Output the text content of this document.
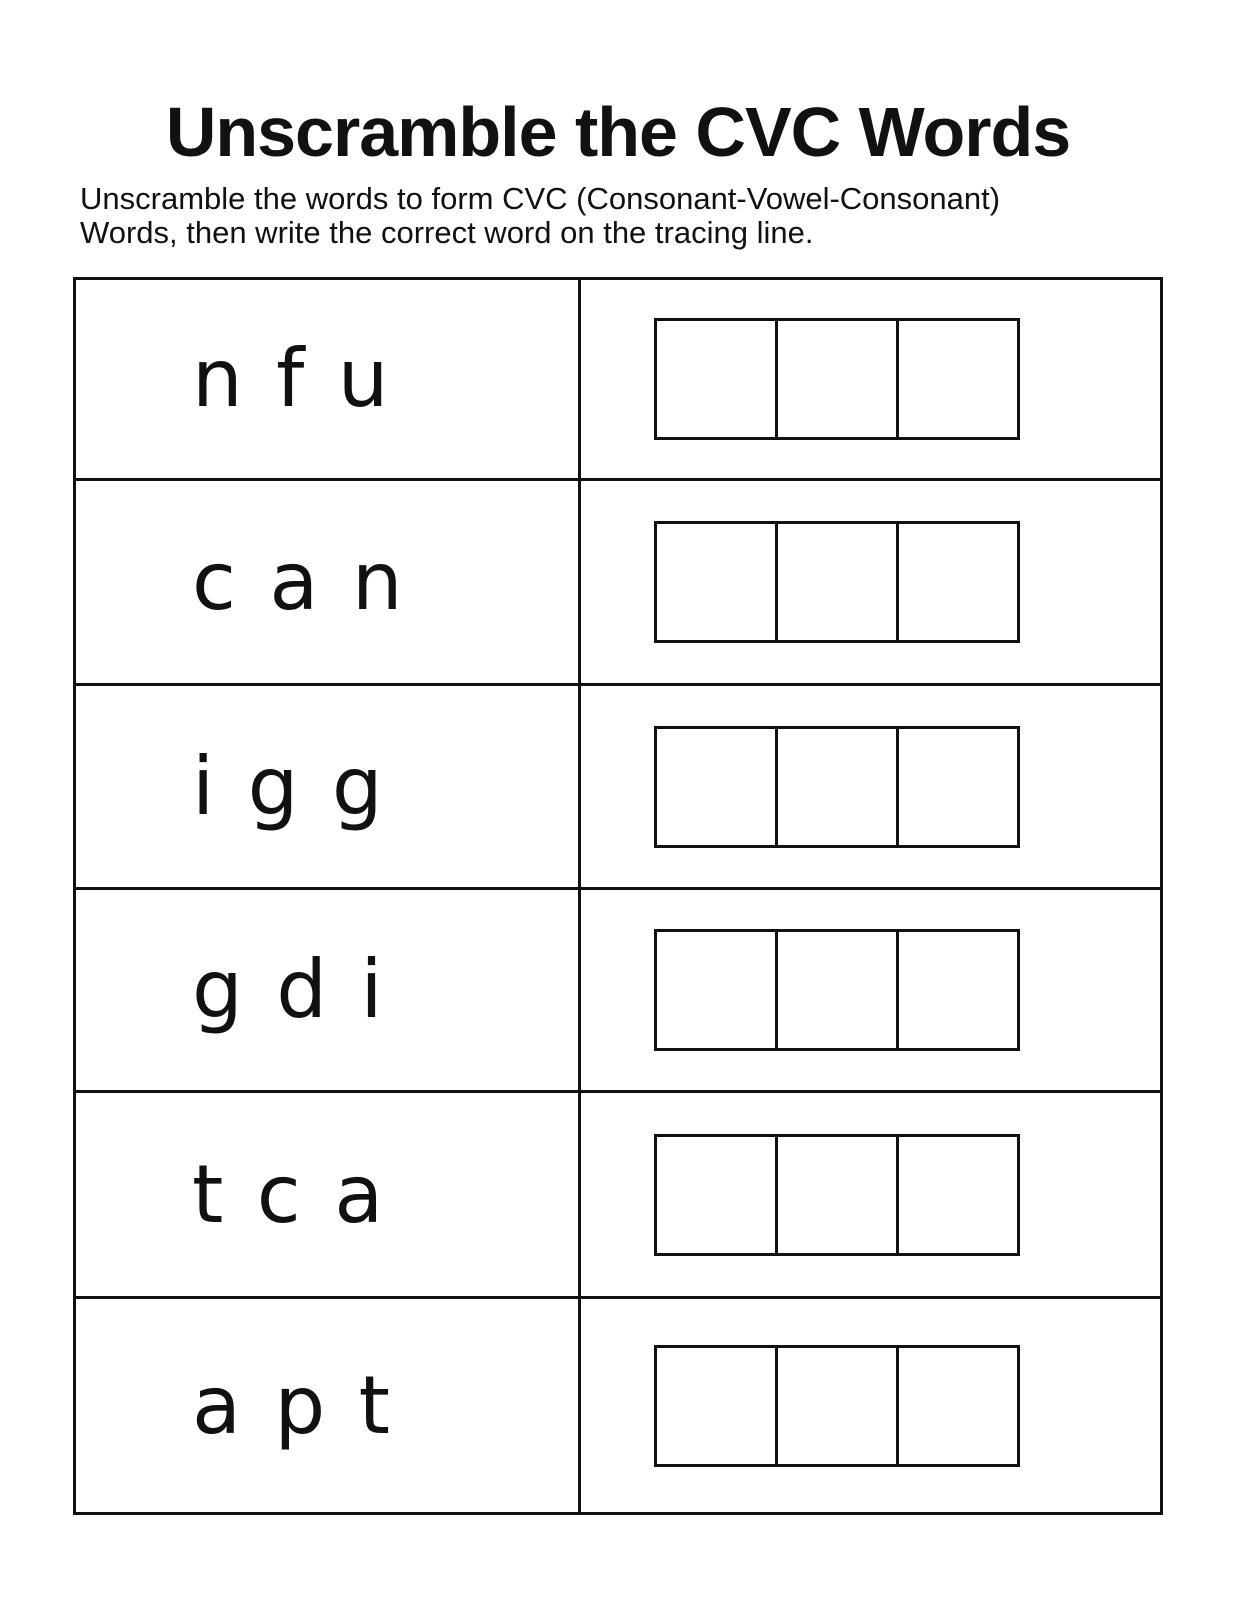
Unscramble the CVC Words
Unscramble the words to form CVC (Consonant-Vowel-Consonant)
Words, then write the correct word on the tracing line.
n f u
c a n
i g g
g d i
t c a
a p t
